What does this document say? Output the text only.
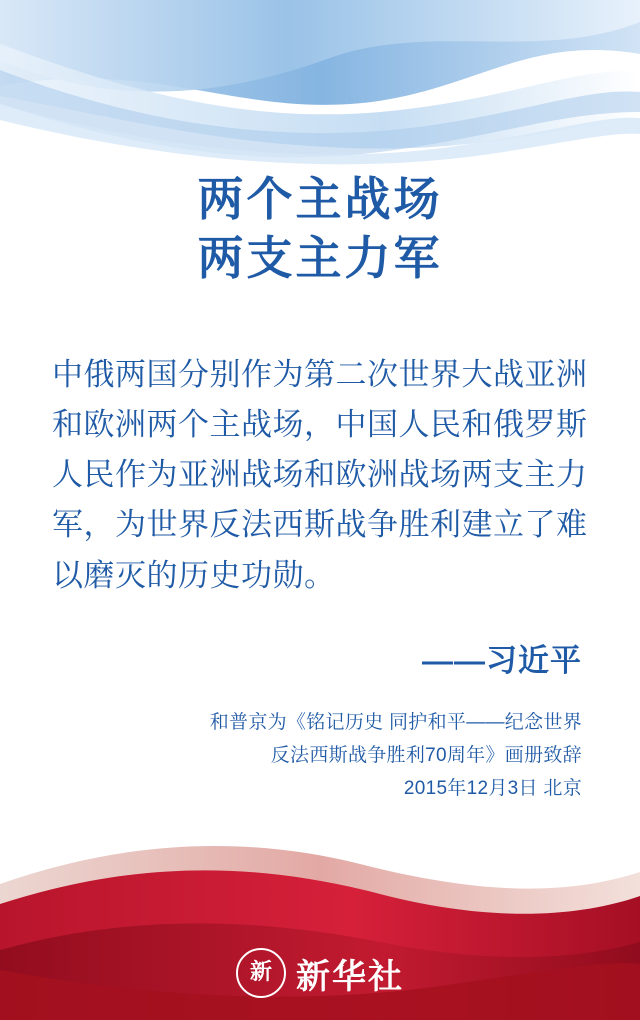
两个主战场
两支主力军
中俄两国分别作为第二次世界大战亚洲和欧洲两个主战场，中国人民和俄罗斯人民作为亚洲战场和欧洲战场两支主力军，为世界反法西斯战争胜利建立了难以磨灭的历史功勋。
——习近平
和普京为《铭记历史 同护和平——纪念世界
反法西斯战争胜利70周年》画册致辞
2015年12月3日 北京
新 新华社
